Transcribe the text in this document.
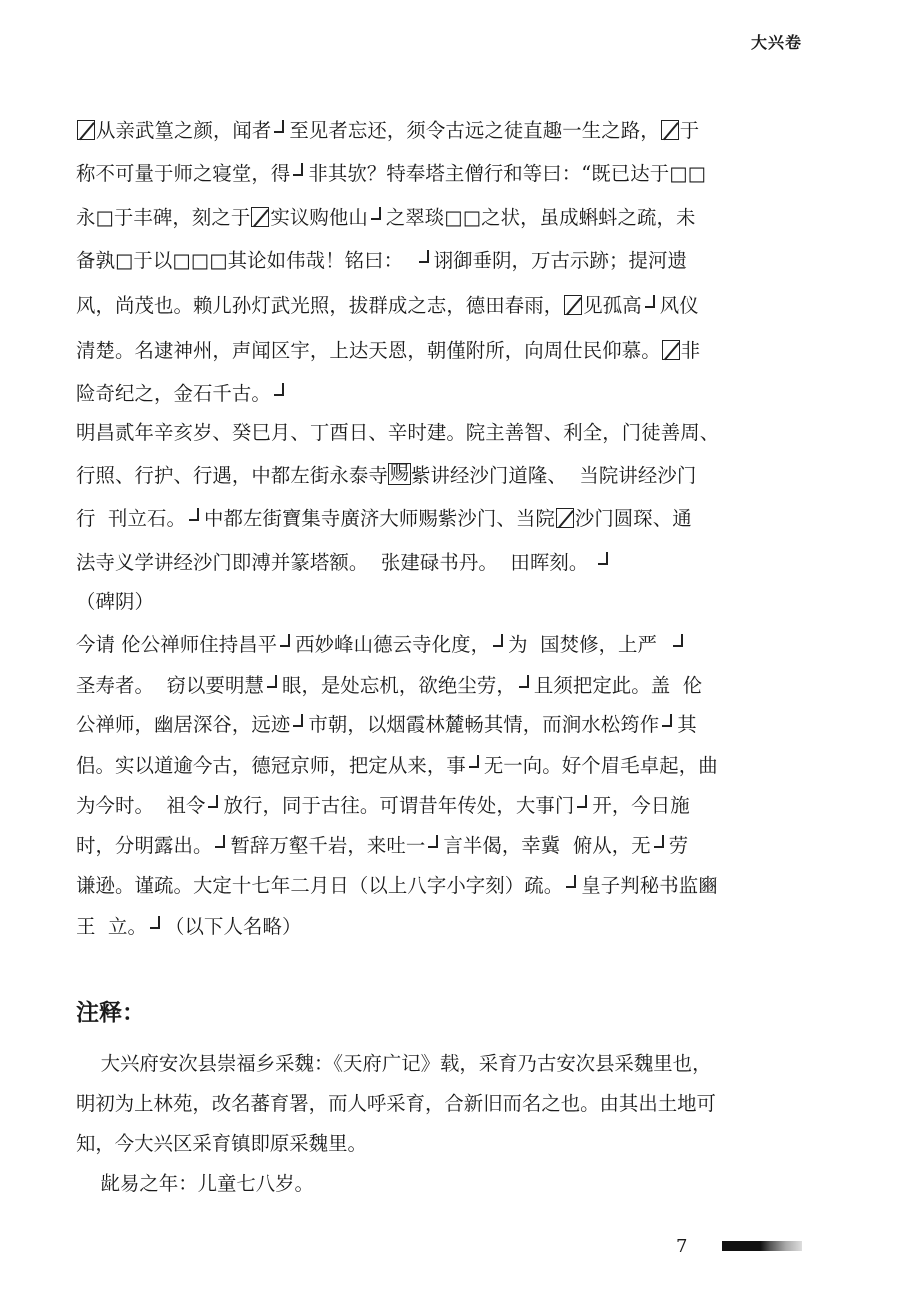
大兴卷
从亲武篁之颜，闻者 至见者忘还，须令古远之徒直趣一生之路， 于
称不可量于师之寝堂，得 非其欤？特奉塔主僧行和等曰：“既已达于□□
永□于丰碑，刻之于 实议购他山 之翠琰□□之状，虽成蝌蚪之疏，未
备孰□于以□□□其论如伟哉！铭曰： 诩御垂阴，万古示跡；提河遗
风，尚茂也。赖儿孙灯武光照，拔群成之志，德田春雨， 见孤高 风仪
清楚。名逮神州，声闻区宇，上达天恩，朝僅附所，向周仕民仰慕。 非
险奇纪之，金石千古。
明昌贰年辛亥岁、癸巳月、丁酉日、辛时建。院主善智、利全，门徒善周、
行照、行护、行遇，中都左街永泰寺 赐 紫讲经沙门道隆、  当院讲经沙门
行  刊立石。 中都左街寶集寺廣济大师赐紫沙门、当院 沙门圆琛、通
法寺义学讲经沙门即溥并篆塔额。  张建碌书丹。  田晖刻。
（碑阴）
今请 伦公禅师住持昌平 西妙峰山德云寺化度， 为  国焚修，上严
圣寿者。  窃以要明慧 眼，是处忘机，欲绝尘劳， 且须把定此。盖  伦
公禅师，幽居深谷，远迹 市朝，以烟霞林麓畅其情，而涧水松筠作 其
侣。实以道逾今古，德冠京师，把定从来，事 无一向。好个眉毛卓起，曲
为今时。  祖令 放行，同于古往。可谓昔年传处，大事门 开，今日施
时，分明露出。 暂辞万壑千岩，来吐一 言半偈，幸冀  俯从，无 劳
谦逊。谨疏。大定十七年二月日（以上八字小字刻）疏。 皇子判秘书监豳
王  立。 （以下人名略）
注释：
大兴府安次县崇福乡采魏：《天府广记》载，采育乃古安次县采魏里也，
明初为上林苑，改名蕃育署，而人呼采育，合新旧而名之也。由其出土地可
知，今大兴区采育镇即原采魏里。
龀易之年：儿童七八岁。
7
